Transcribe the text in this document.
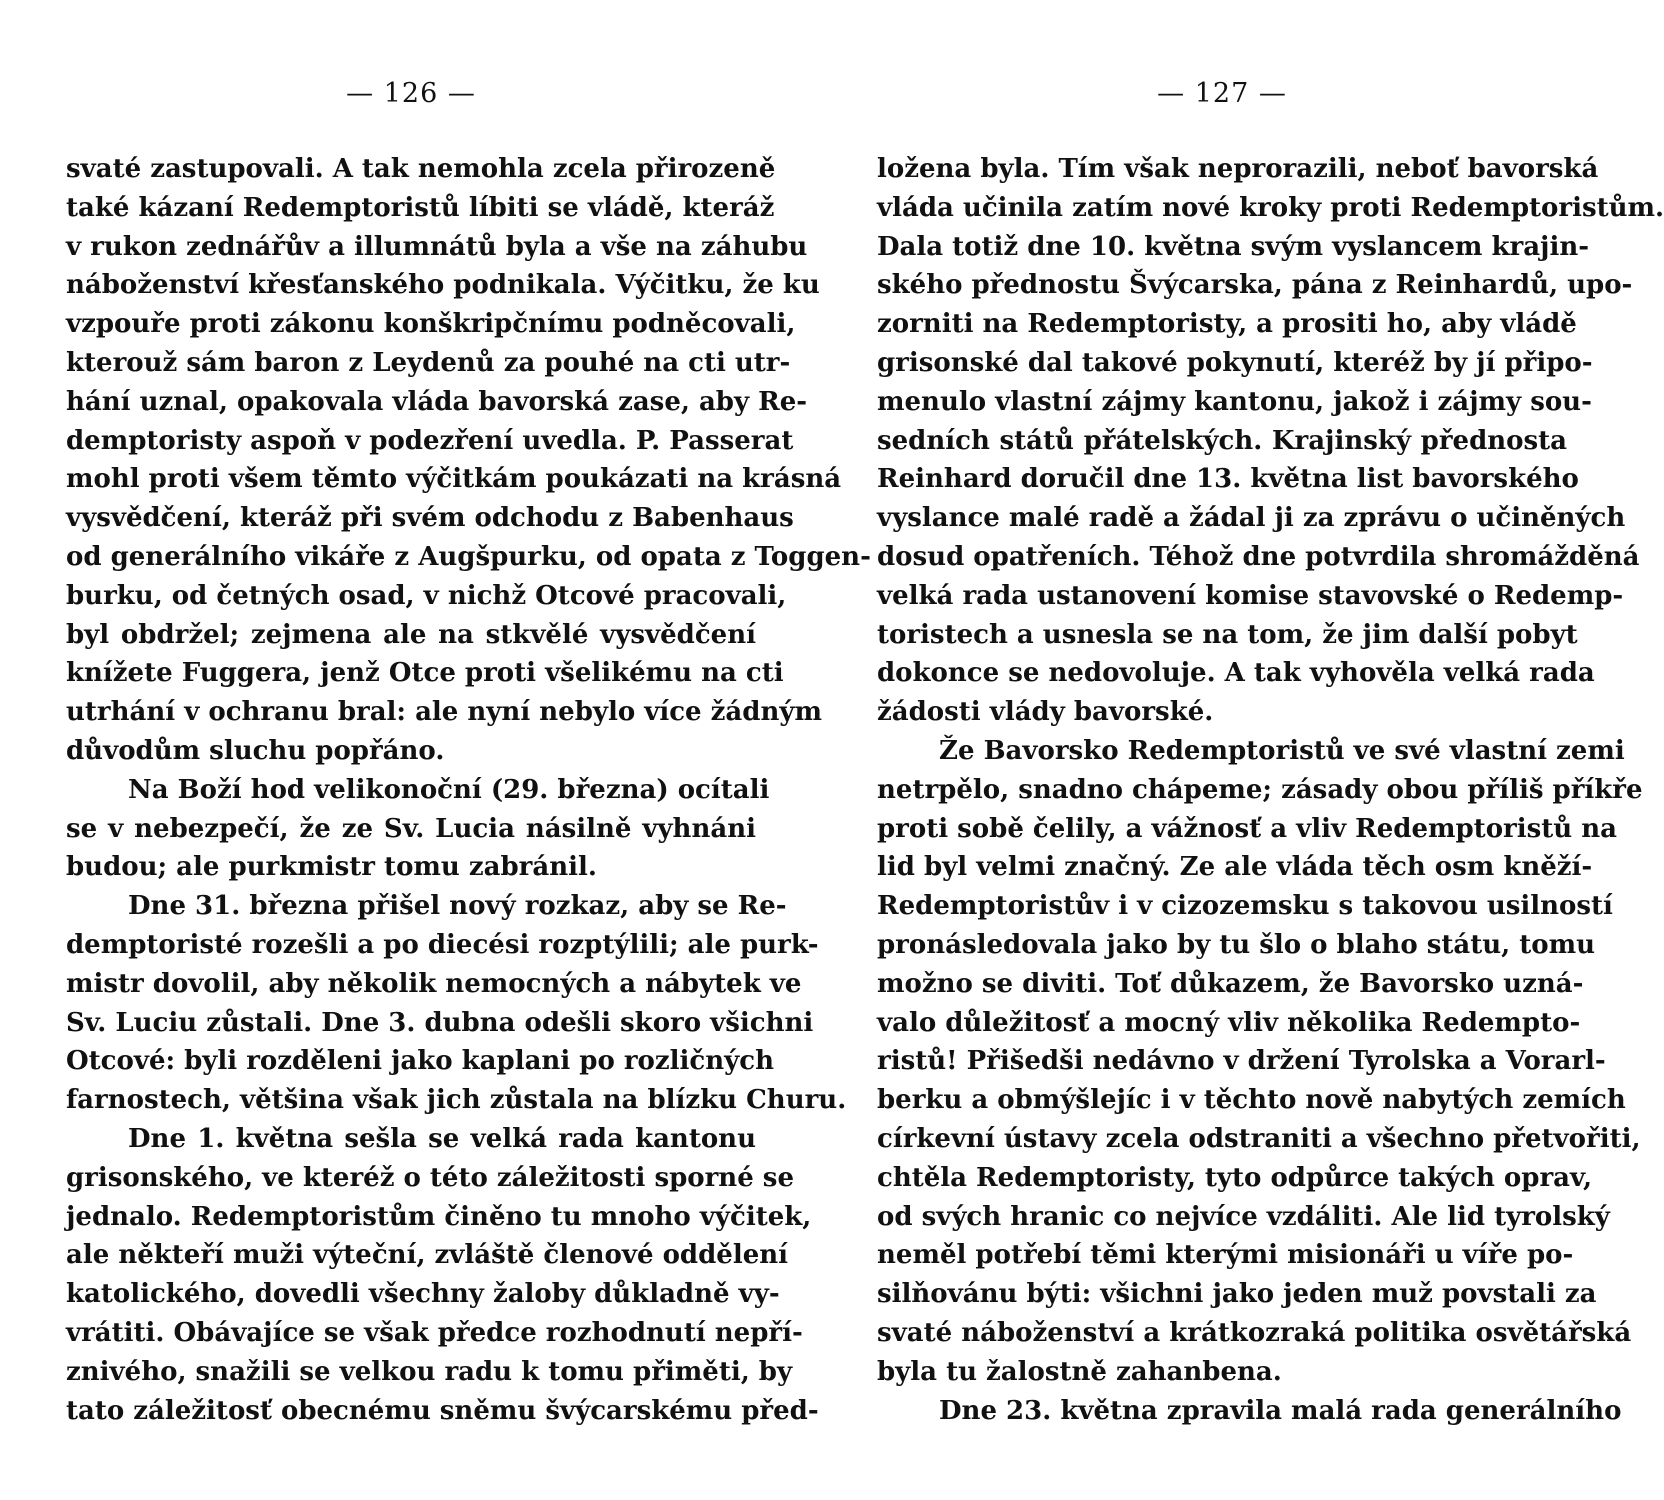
— 126 —
svaté zastupovali. A tak nemohla zcela přirozeně
také kázaní Redemptoristů líbiti se vládě, kteráž
v rukon zednářův a illumnátů byla a vše na záhubu
náboženství křesťanského podnikala. Výčitku, že ku
vzpouře proti zákonu konškripčnímu podněcovali,
kterouž sám baron z Leydenů za pouhé na cti utr-
hání uznal, opakovala vláda bavorská zase, aby Re-
demptoristy aspoň v podezření uvedla. P. Passerat
mohl proti všem těmto výčitkám poukázati na krásná
vysvědčení, kteráž při svém odchodu z Babenhaus
od generálního vikáře z Augšpurku, od opata z Toggen-
burku, od četných osad, v nichž Otcové pracovali,
byl obdržel; zejmena ale na stkvělé vysvědčení
knížete Fuggera, jenž Otce proti všelikému na cti
utrhání v ochranu bral: ale nyní nebylo více žádným
důvodům sluchu popřáno.
Na Boží hod velikonoční (29. března) ocítali
se v nebezpečí, že ze Sv. Lucia násilně vyhnáni
budou; ale purkmistr tomu zabránil.
Dne 31. března přišel nový rozkaz, aby se Re-
demptoristé rozešli a po diecési rozptýlili; ale purk-
mistr dovolil, aby několik nemocných a nábytek ve
Sv. Luciu zůstali. Dne 3. dubna odešli skoro všichni
Otcové: byli rozděleni jako kaplani po rozličných
farnostech, většina však jich zůstala na blízku Churu.
Dne 1. května sešla se velká rada kantonu
grisonského, ve kteréž o této záležitosti sporné se
jednalo. Redemptoristům činěno tu mnoho výčitek,
ale někteří muži výteční, zvláště členové oddělení
katolického, dovedli všechny žaloby důkladně vy-
vrátiti. Obávajíce se však předce rozhodnutí nepří-
znivého, snažili se velkou radu k tomu přiměti, by
tato záležitosť obecnému sněmu švýcarskému před-
— 127 —
ložena byla. Tím však neprorazili, neboť bavorská
vláda učinila zatím nové kroky proti Redemptoristům.
Dala totiž dne 10. května svým vyslancem krajin-
ského přednostu Švýcarska, pána z Reinhardů, upo-
zorniti na Redemptoristy, a prositi ho, aby vládě
grisonské dal takové pokynutí, kteréž by jí připo-
menulo vlastní zájmy kantonu, jakož i zájmy sou-
sedních států přátelských. Krajinský přednosta
Reinhard doručil dne 13. května list bavorského
vyslance malé radě a žádal ji za zprávu o učiněných
dosud opatřeních. Téhož dne potvrdila shromážděná
velká rada ustanovení komise stavovské o Redemp-
toristech a usnesla se na tom, že jim další pobyt
dokonce se nedovoluje. A tak vyhověla velká rada
žádosti vlády bavorské.
Že Bavorsko Redemptoristů ve své vlastní zemi
netrpělo, snadno chápeme; zásady obou příliš příkře
proti sobě čelily, a vážnosť a vliv Redemptoristů na
lid byl velmi značný. Ze ale vláda těch osm kněží-
Redemptoristův i v cizozemsku s takovou usilností
pronásledovala jako by tu šlo o blaho státu, tomu
možno se diviti. Toť důkazem, že Bavorsko uzná-
valo důležitosť a mocný vliv několika Redempto-
ristů! Přišedši nedávno v držení Tyrolska a Vorarl-
berku a obmýšlejíc i v těchto nově nabytých zemích
církevní ústavy zcela odstraniti a všechno přetvořiti,
chtěla Redemptoristy, tyto odpůrce takých oprav,
od svých hranic co nejvíce vzdáliti. Ale lid tyrolský
neměl potřebí těmi kterými misionáři u víře po-
silňovánu býti: všichni jako jeden muž povstali za
svaté náboženství a krátkozraká politika osvětářská
byla tu žalostně zahanbena.
Dne 23. května zpravila malá rada generálního
